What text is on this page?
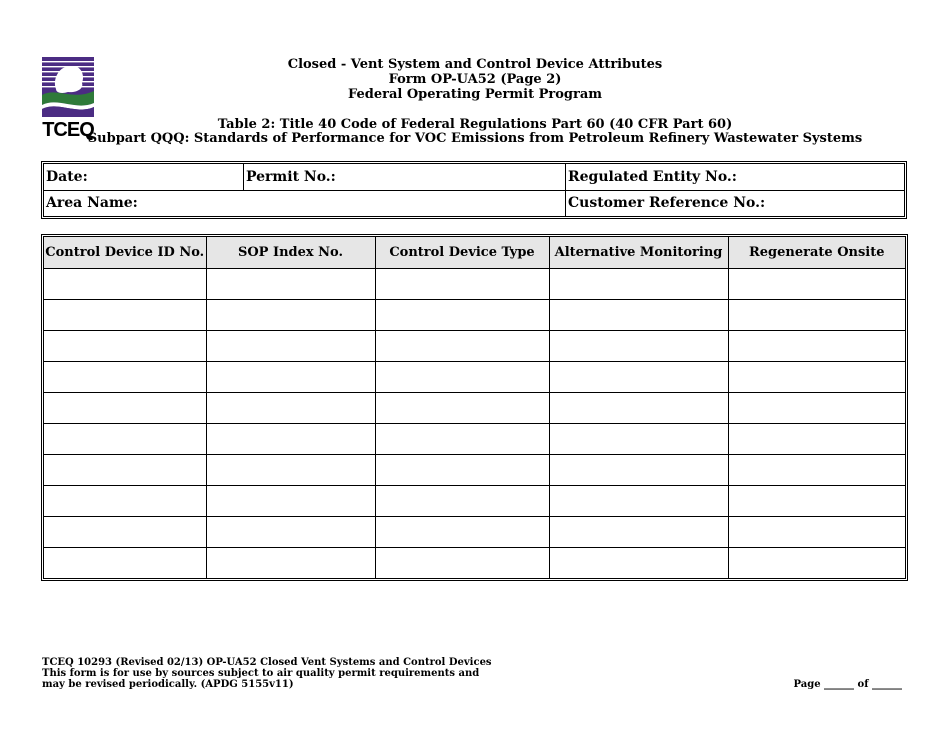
TCEQ
Closed - Vent System and Control Device Attributes
Form OP-UA52 (Page 2)
Federal Operating Permit Program
Table 2: Title 40 Code of Federal Regulations Part 60 (40 CFR Part 60)
Subpart QQQ: Standards of Performance for VOC Emissions from Petroleum Refinery Wastewater Systems
Date:	Permit No.:	Regulated Entity No.:
Area Name:	Customer Reference No.:
Control Device ID No.	SOP Index No.	Control Device Type	Alternative Monitoring	Regenerate Onsite

TCEQ 10293 (Revised 02/13) OP-UA52 Closed Vent Systems and Control Devices
This form is for use by sources subject to air quality permit requirements and
may be revised periodically. (APDG 5155v11)	Page ______ of ______
